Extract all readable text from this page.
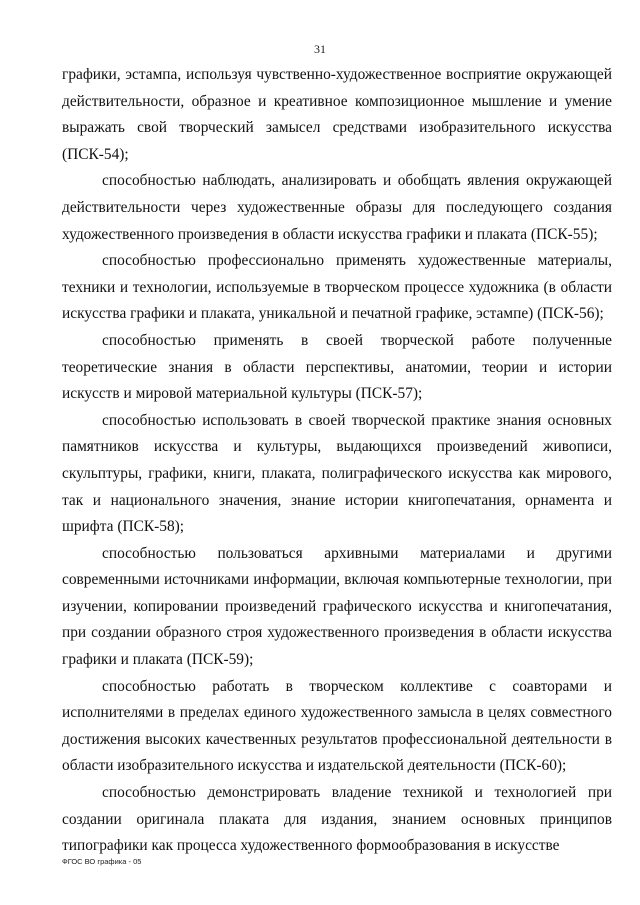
31

графики, эстампа, используя чувственно-художественное восприятие окружающей действительности, образное и креативное композиционное мышление и умение выражать свой творческий замысел средствами изобразительного искусства (ПСК-54);

способностью наблюдать, анализировать и обобщать явления окружающей действительности через художественные образы для последующего создания художественного произведения в области искусства графики и плаката (ПСК-55);

способностью профессионально применять художественные материалы, техники и технологии, используемые в творческом процессе художника (в области искусства графики и плаката, уникальной и печатной графике, эстампе) (ПСК-56);

способностью применять в своей творческой работе полученные теоретические знания в области перспективы, анатомии, теории и истории искусств и мировой материальной культуры (ПСК-57);

способностью использовать в своей творческой практике знания основных памятников искусства и культуры, выдающихся произведений живописи, скульптуры, графики, книги, плаката, полиграфического искусства как мирового, так и национального значения, знание истории книгопечатания, орнамента и шрифта (ПСК-58);

способностью пользоваться архивными материалами и другими современными источниками информации, включая компьютерные технологии, при изучении, копировании произведений графического искусства и книгопечатания, при создании образного строя художественного произведения в области искусства графики и плаката (ПСК-59);

способностью работать в творческом коллективе с соавторами и исполнителями в пределах единого художественного замысла в целях совместного достижения высоких качественных результатов профессиональной деятельности в области изобразительного искусства и издательской деятельности (ПСК-60);

способностью демонстрировать владение техникой и технологией при создании оригинала плаката для издания, знанием основных принципов типографики как процесса художественного формообразования в искусстве

ФГОС ВО графика - 05
